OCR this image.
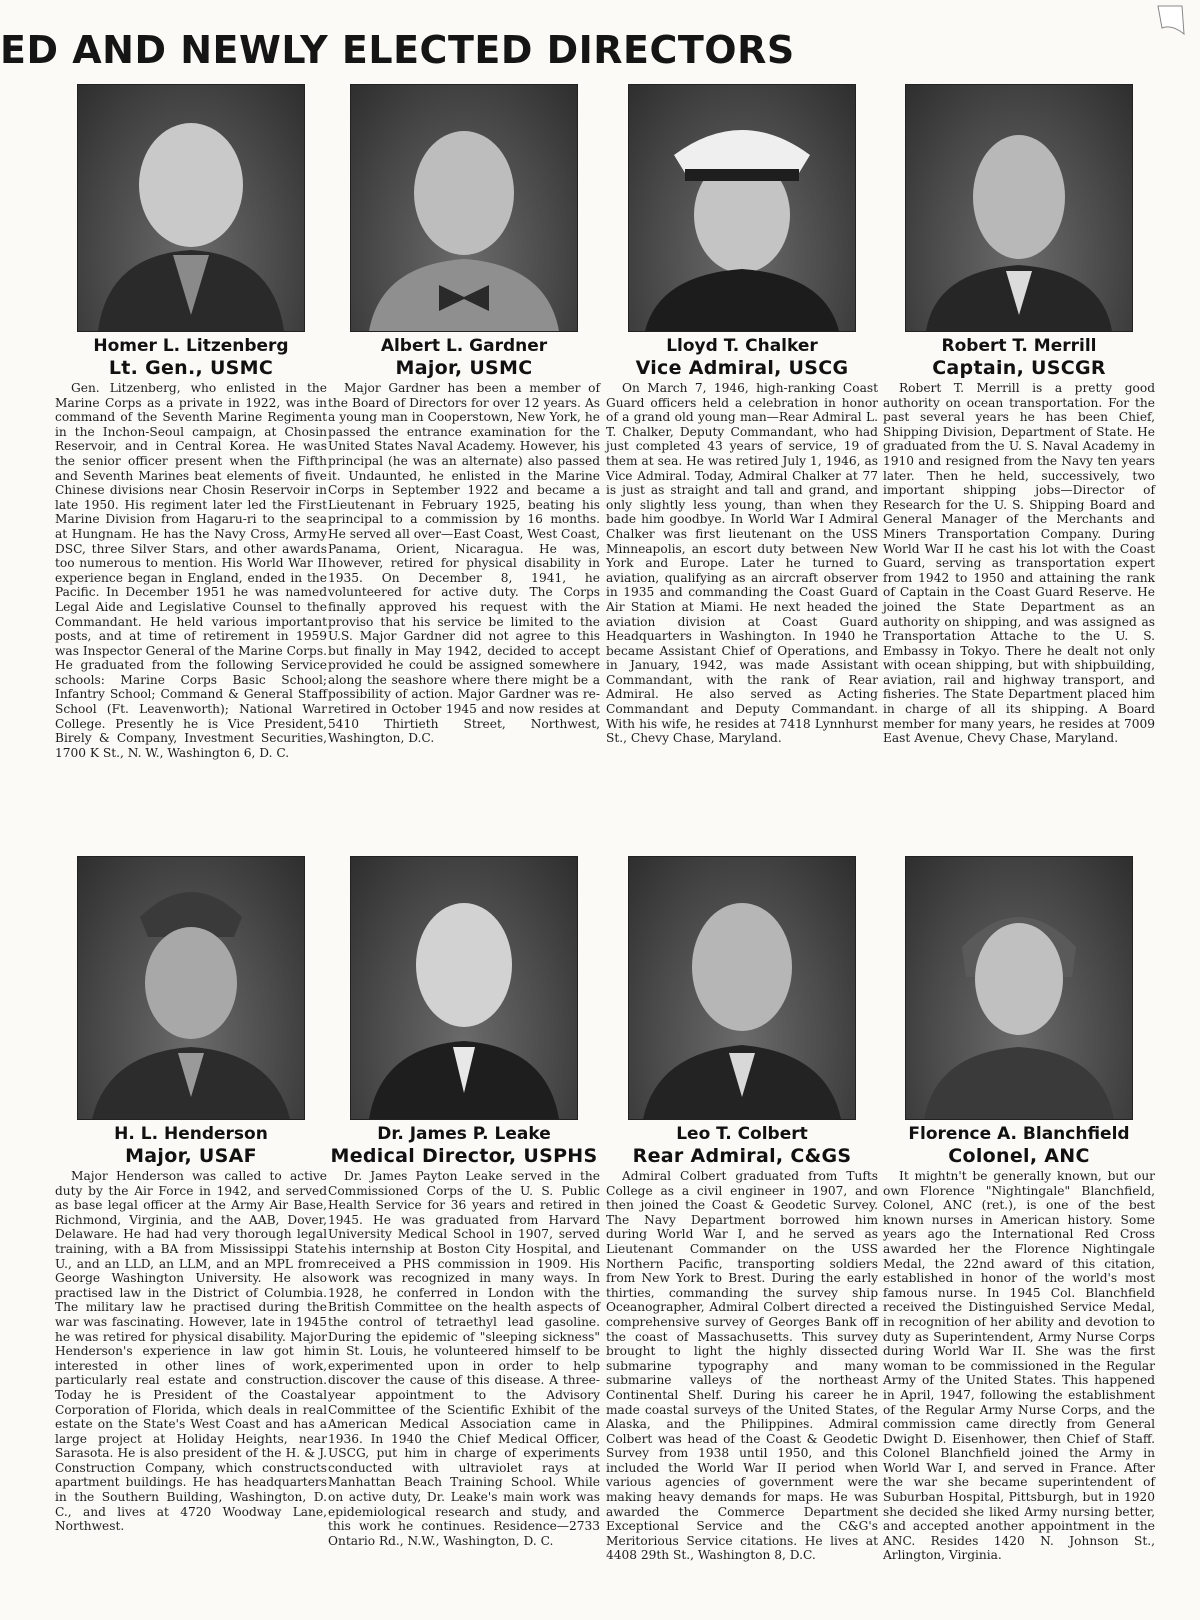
ED AND NEWLY ELECTED DIRECTORS

Homer L. Litzenberg

Lt. Gen., USMC

Gen. Litzenberg, who enlisted in the Marine Corps as a private in 1922, was in command of the Seventh Marine Regiment in the Inchon-Seoul campaign, at Chosin Reservoir, and in Central Korea. He was the senior officer present when the Fifth and Seventh Marines beat elements of five Chinese divisions near Chosin Reservoir in late 1950. His regiment later led the First Marine Division from Hagaru-ri to the sea at Hungnam. He has the Navy Cross, Army DSC, three Silver Stars, and other awards too numerous to mention. His World War II experience began in England, ended in the Pacific. In December 1951 he was named Legal Aide and Legislative Counsel to the Commandant. He held various important posts, and at time of retirement in 1959 was Inspector General of the Marine Corps. He graduated from the following Service schools: Marine Corps Basic School; Infantry School; Command & General Staff School (Ft. Leavenworth); National War College. Presently he is Vice President, Birely & Company, Investment Securities, 1700 K St., N. W., Washington 6, D. C.

Albert L. Gardner

Major, USMC

Major Gardner has been a member of the Board of Directors for over 12 years. As a young man in Cooperstown, New York, he passed the entrance examination for the United States Naval Academy. However, his principal (he was an alternate) also passed it. Undaunted, he enlisted in the Marine Corps in September 1922 and became a Lieutenant in February 1925, beating his principal to a commission by 16 months. He served all over—East Coast, West Coast, Panama, Orient, Nicaragua. He was, however, retired for physical disability in 1935. On December 8, 1941, he volunteered for active duty. The Corps finally approved his request with the proviso that his service be limited to the U.S. Major Gardner did not agree to this but finally in May 1942, decided to accept provided he could be assigned somewhere along the seashore where there might be a possibility of action. Major Gardner was re-retired in October 1945 and now resides at 5410 Thirtieth Street, Northwest, Washington, D.C.

Lloyd T. Chalker

Vice Admiral, USCG

On March 7, 1946, high-ranking Coast Guard officers held a celebration in honor of a grand old young man—Rear Admiral L. T. Chalker, Deputy Commandant, who had just completed 43 years of service, 19 of them at sea. He was retired July 1, 1946, as Vice Admiral. Today, Admiral Chalker at 77 is just as straight and tall and grand, and only slightly less young, than when they bade him goodbye. In World War I Admiral Chalker was first lieutenant on the USS Minneapolis, an escort duty between New York and Europe. Later he turned to aviation, qualifying as an aircraft observer in 1935 and commanding the Coast Guard Air Station at Miami. He next headed the aviation division at Coast Guard Headquarters in Washington. In 1940 he became Assistant Chief of Operations, and in January, 1942, was made Assistant Commandant, with the rank of Rear Admiral. He also served as Acting Commandant and Deputy Commandant. With his wife, he resides at 7418 Lynnhurst St., Chevy Chase, Maryland.

Robert T. Merrill

Captain, USCGR

Robert T. Merrill is a pretty good authority on ocean transportation. For the past several years he has been Chief, Shipping Division, Department of State. He graduated from the U. S. Naval Academy in 1910 and resigned from the Navy ten years later. Then he held, successively, two important shipping jobs—Director of Research for the U. S. Shipping Board and General Manager of the Merchants and Miners Transportation Company. During World War II he cast his lot with the Coast Guard, serving as transportation expert from 1942 to 1950 and attaining the rank of Captain in the Coast Guard Reserve. He joined the State Department as an authority on shipping, and was assigned as Transportation Attache to the U. S. Embassy in Tokyo. There he dealt not only with ocean shipping, but with shipbuilding, aviation, rail and highway transport, and fisheries. The State Department placed him in charge of all its shipping. A Board member for many years, he resides at 7009 East Avenue, Chevy Chase, Maryland.

H. L. Henderson

Major, USAF

Major Henderson was called to active duty by the Air Force in 1942, and served as base legal officer at the Army Air Base, Richmond, Virginia, and the AAB, Dover, Delaware. He had had very thorough legal training, with a BA from Mississippi State U., and an LLD, an LLM, and an MPL from George Washington University. He also practised law in the District of Columbia. The military law he practised during the war was fascinating. However, late in 1945 he was retired for physical disability. Major Henderson's experience in law got him interested in other lines of work, particularly real estate and construction. Today he is President of the Coastal Corporation of Florida, which deals in real estate on the State's West Coast and has a large project at Holiday Heights, near Sarasota. He is also president of the H. & J. Construction Company, which constructs apartment buildings. He has headquarters in the Southern Building, Washington, D. C., and lives at 4720 Woodway Lane, Northwest.

Dr. James P. Leake

Medical Director, USPHS

Dr. James Payton Leake served in the Commissioned Corps of the U. S. Public Health Service for 36 years and retired in 1945. He was graduated from Harvard University Medical School in 1907, served his internship at Boston City Hospital, and received a PHS commission in 1909. His work was recognized in many ways. In 1928, he conferred in London with the British Committee on the health aspects of the control of tetraethyl lead gasoline. During the epidemic of "sleeping sickness" in St. Louis, he volunteered himself to be experimented upon in order to help discover the cause of this disease. A three-year appointment to the Advisory Committee of the Scientific Exhibit of the American Medical Association came in 1936. In 1940 the Chief Medical Officer, USCG, put him in charge of experiments conducted with ultraviolet rays at Manhattan Beach Training School. While on active duty, Dr. Leake's main work was epidemiological research and study, and this work he continues. Residence—2733 Ontario Rd., N.W., Washington, D. C.

Leo T. Colbert

Rear Admiral, C&GS

Admiral Colbert graduated from Tufts College as a civil engineer in 1907, and then joined the Coast & Geodetic Survey. The Navy Department borrowed him during World War I, and he served as Lieutenant Commander on the USS Northern Pacific, transporting soldiers from New York to Brest. During the early thirties, commanding the survey ship Oceanographer, Admiral Colbert directed a comprehensive survey of Georges Bank off the coast of Massachusetts. This survey brought to light the highly dissected submarine typography and many submarine valleys of the northeast Continental Shelf. During his career he made coastal surveys of the United States, Alaska, and the Philippines. Admiral Colbert was head of the Coast & Geodetic Survey from 1938 until 1950, and this included the World War II period when various agencies of government were making heavy demands for maps. He was awarded the Commerce Department Exceptional Service and the C&G's Meritorious Service citations. He lives at 4408 29th St., Washington 8, D.C.

Florence A. Blanchfield

Colonel, ANC

It mightn't be generally known, but our own Florence "Nightingale" Blanchfield, Colonel, ANC (ret.), is one of the best known nurses in American history. Some years ago the International Red Cross awarded her the Florence Nightingale Medal, the 22nd award of this citation, established in honor of the world's most famous nurse. In 1945 Col. Blanchfield received the Distinguished Service Medal, in recognition of her ability and devotion to duty as Superintendent, Army Nurse Corps during World War II. She was the first woman to be commissioned in the Regular Army of the United States. This happened in April, 1947, following the establishment of the Regular Army Nurse Corps, and the commission came directly from General Dwight D. Eisenhower, then Chief of Staff. Colonel Blanchfield joined the Army in World War I, and served in France. After the war she became superintendent of Suburban Hospital, Pittsburgh, but in 1920 she decided she liked Army nursing better, and accepted another appointment in the ANC. Resides 1420 N. Johnson St., Arlington, Virginia.
